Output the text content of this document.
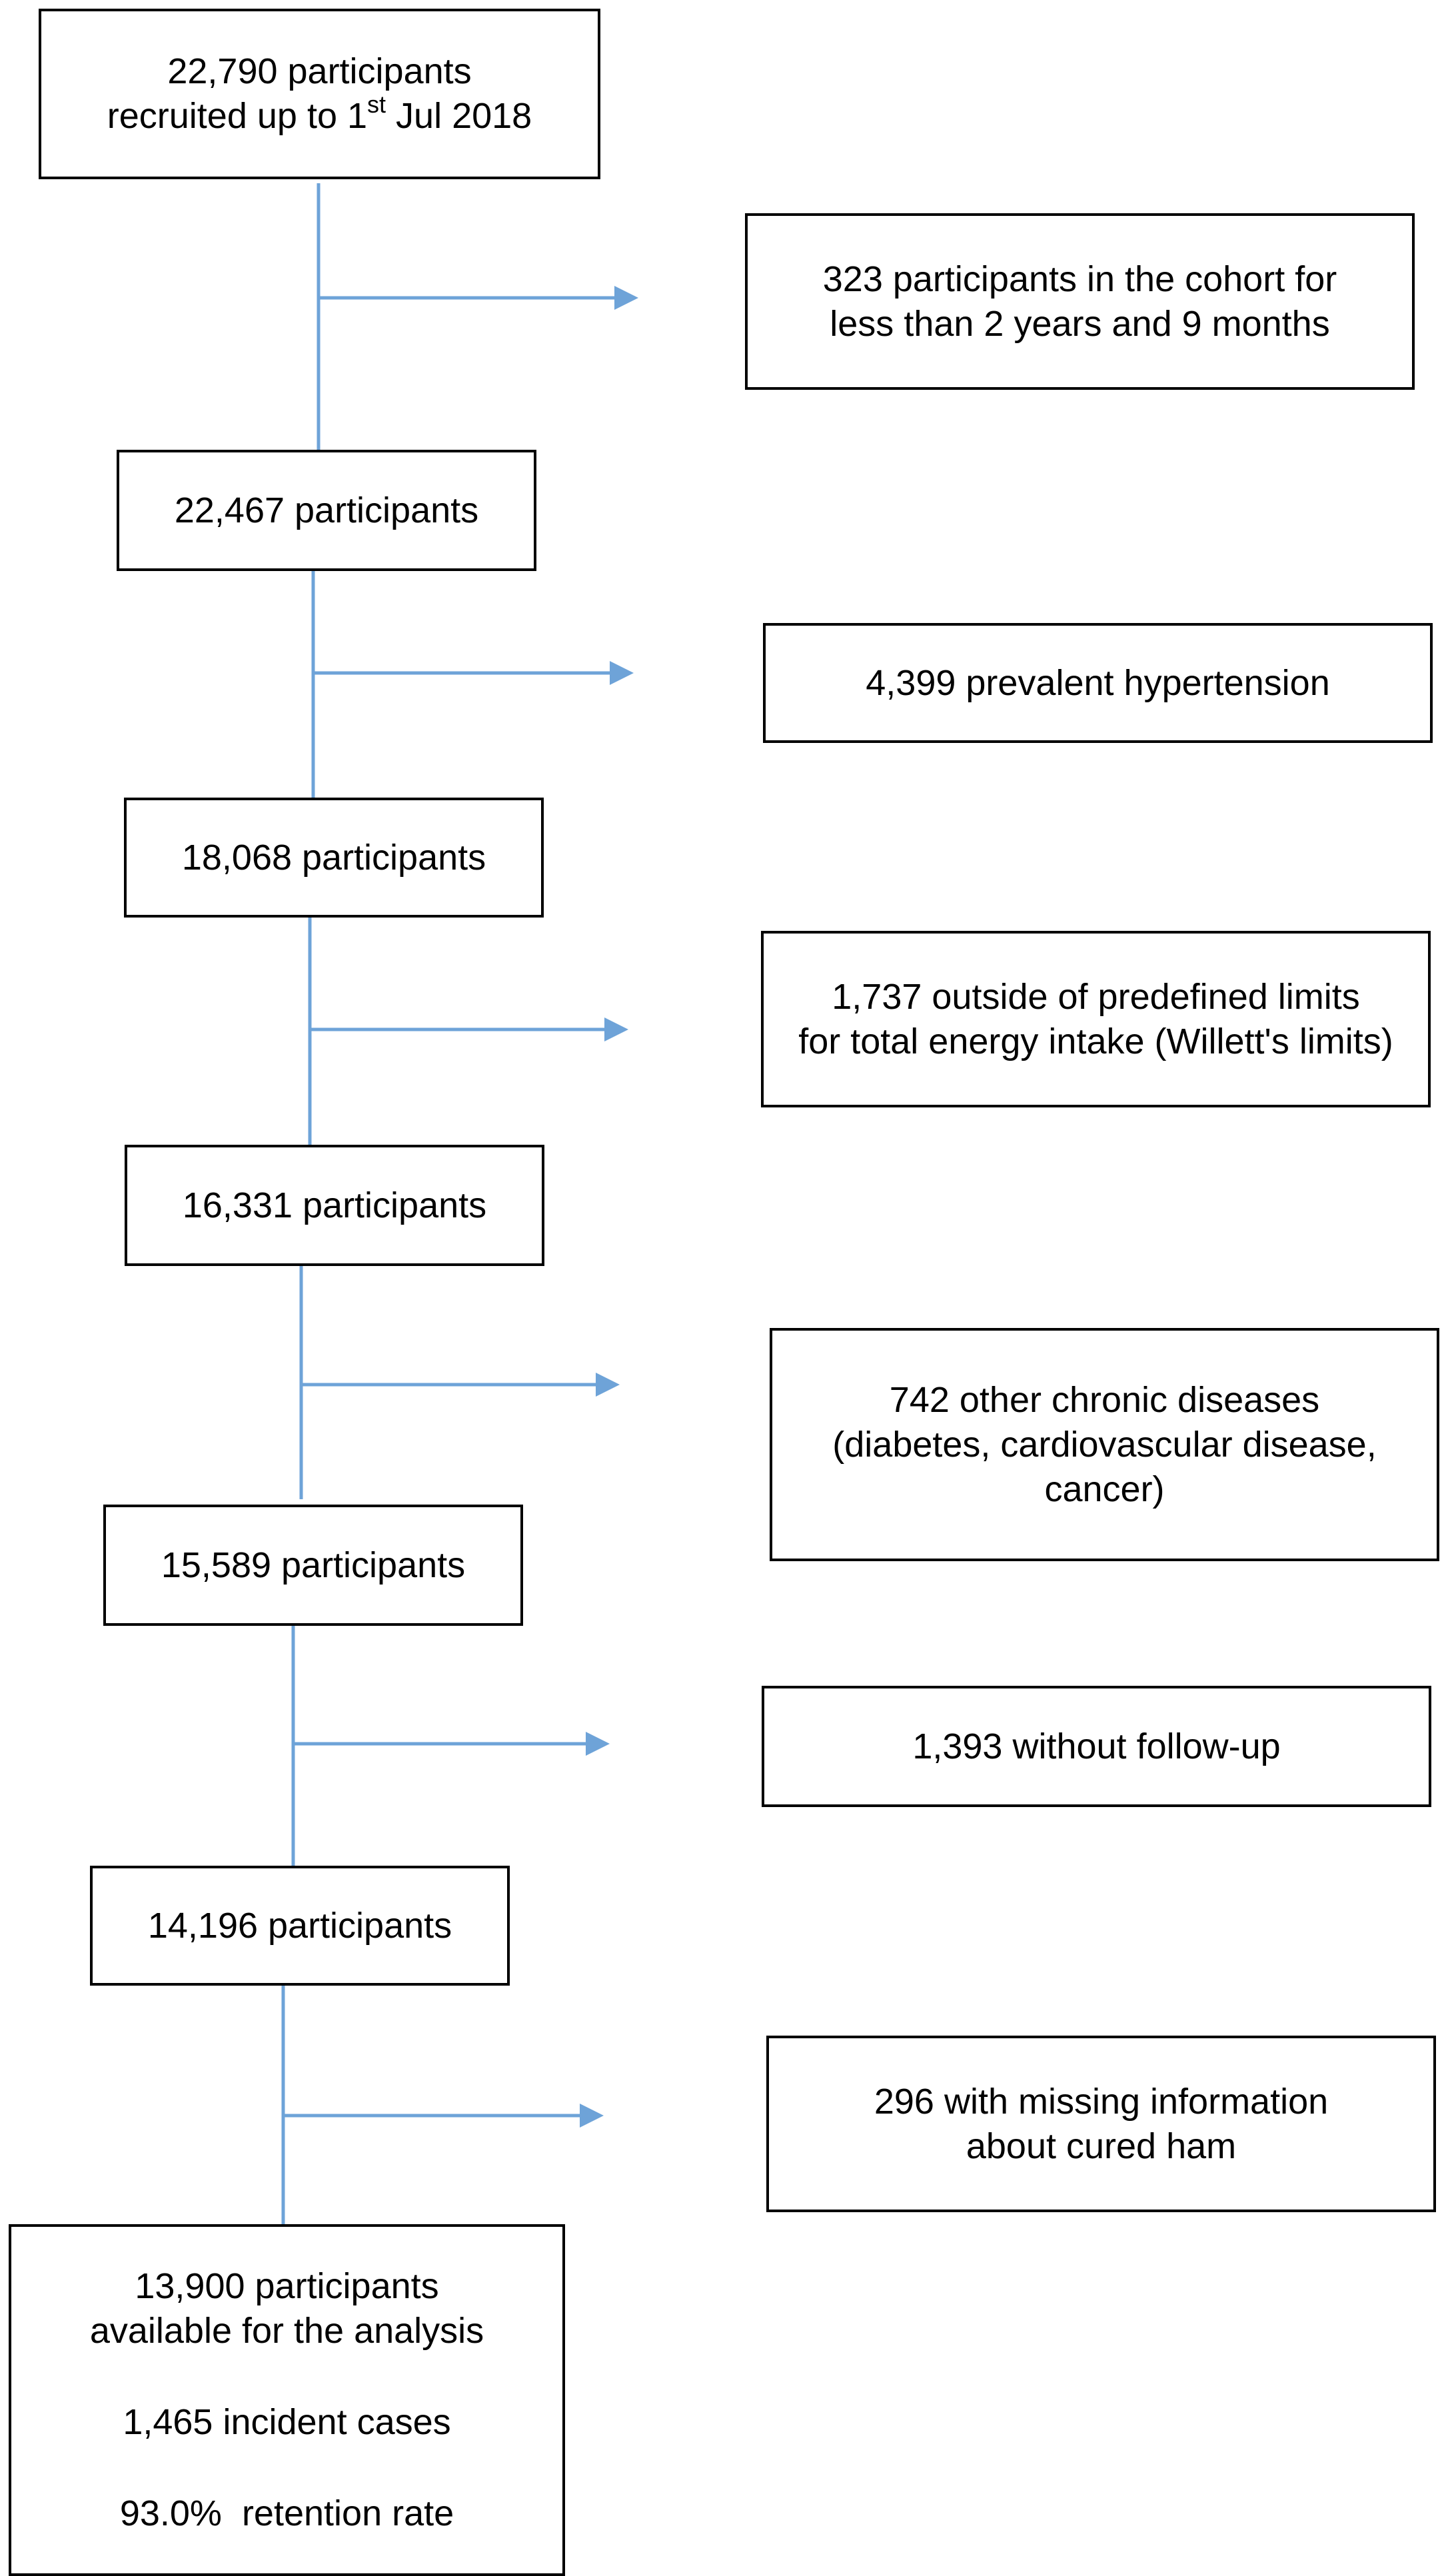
22,790 participants
recruited up to 1st Jul 2018
323 participants in the cohort for
less than 2 years and 9 months
4,399 prevalent hypertension
1,737 outside of predefined limits
for total energy intake (Willett's limits)
742 other chronic diseases
(diabetes, cardiovascular disease,
cancer)
1,393 without follow-up
296 with missing information
about cured ham
22,467 participants
18,068 participants
16,331 participants
15,589 participants
14,196 participants
13,900 participants
available for the analysis
1,465 incident cases
93.0%  retention rate
